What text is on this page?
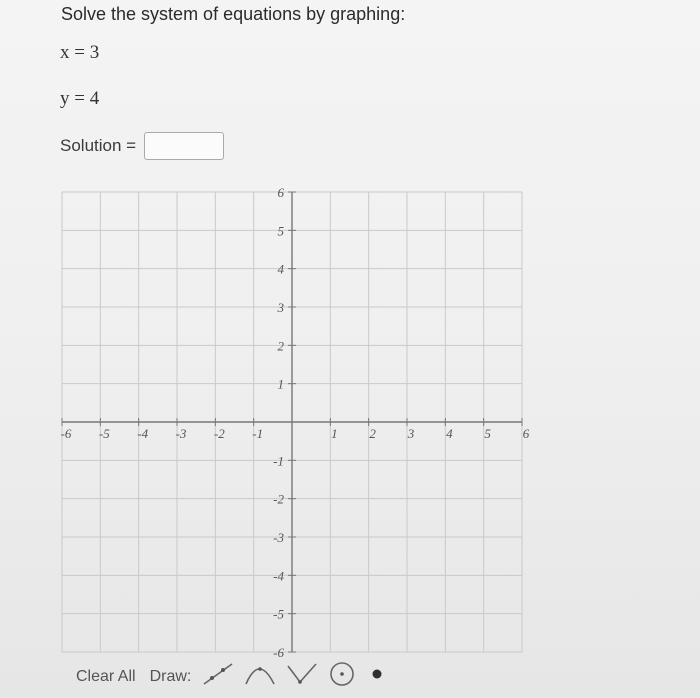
Solve the system of equations by graphing:
x = 3
y = 4
Solution =
-6 -5 -4 -3 -2 -1	1 2 3 4 5 6
6
5
4
3
2
1
-1
-2
-3
-4
-5
-6
Clear All Draw:
